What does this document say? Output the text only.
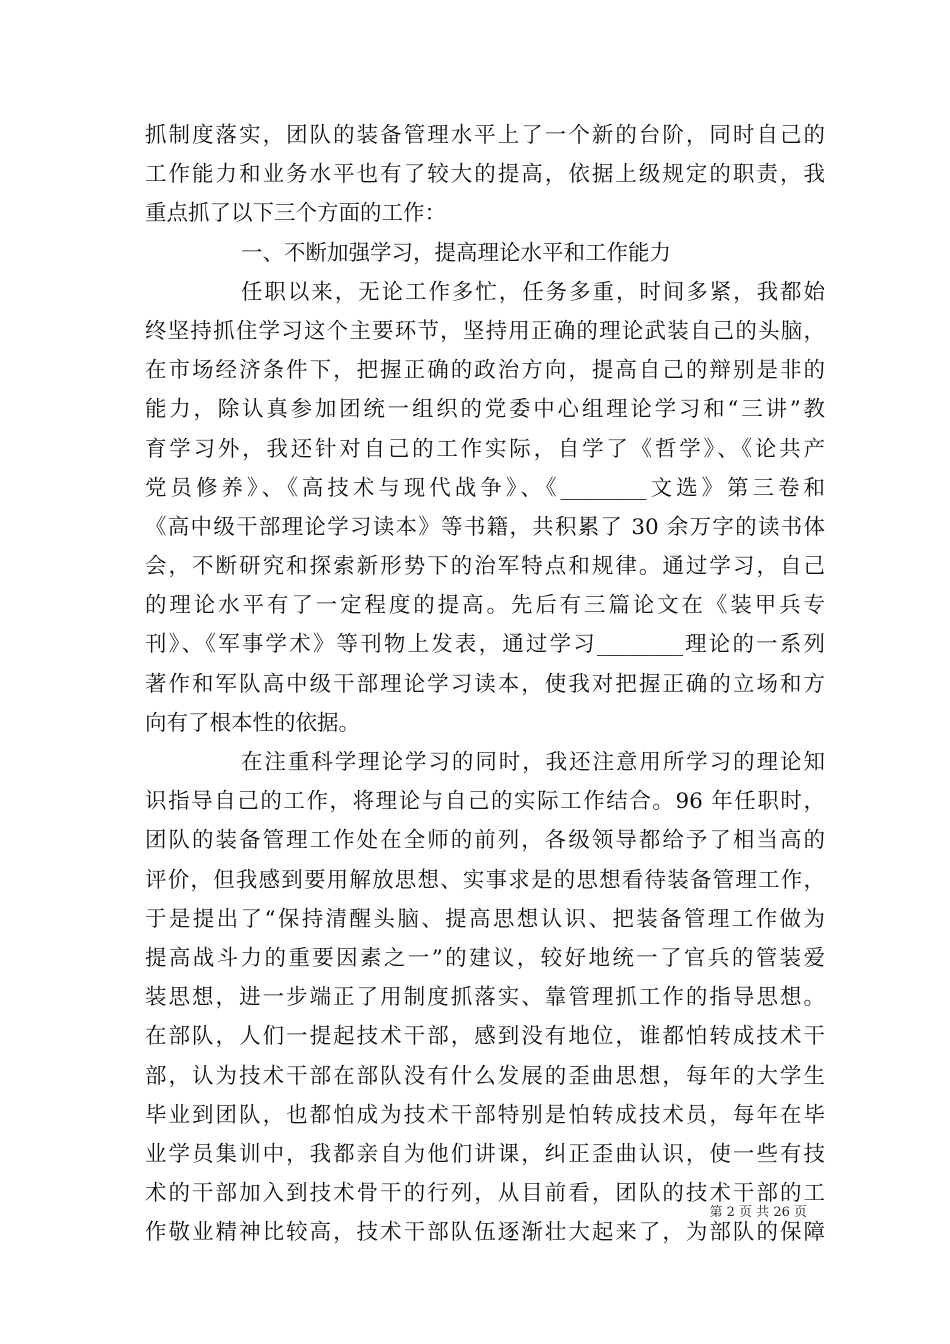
抓制度落实，团队的装备管理水平上了一个新的台阶，同时自己的
工作能力和业务水平也有了较大的提高，依据上级规定的职责，我
重点抓了以下三个方面的工作：
一、不断加强学习，提高理论水平和工作能力
任职以来，无论工作多忙，任务多重，时间多紧，我都始
终坚持抓住学习这个主要环节，坚持用正确的理论武装自己的头脑，
在市场经济条件下，把握正确的政治方向，提高自己的辩别是非的
能力，除认真参加团统一组织的党委中心组理论学习和“三讲”教
育学习外，我还针对自己的工作实际，自学了《哲学》、《论共产
党员修养》、《高技术与现代战争》、《________文选》第三卷和
《高中级干部理论学习读本》等书籍，共积累了 30 余万字的读书体
会，不断研究和探索新形势下的治军特点和规律。通过学习，自己
的理论水平有了一定程度的提高。先后有三篇论文在《装甲兵专
刊》、《军事学术》等刊物上发表，通过学习________理论的一系列
著作和军队高中级干部理论学习读本，使我对把握正确的立场和方
向有了根本性的依据。
在注重科学理论学习的同时，我还注意用所学习的理论知
识指导自己的工作，将理论与自己的实际工作结合。96 年任职时，
团队的装备管理工作处在全师的前列，各级领导都给予了相当高的
评价，但我感到要用解放思想、实事求是的思想看待装备管理工作，
于是提出了“保持清醒头脑、提高思想认识、把装备管理工作做为
提高战斗力的重要因素之一”的建议，较好地统一了官兵的管装爱
装思想，进一步端正了用制度抓落实、靠管理抓工作的指导思想。
在部队，人们一提起技术干部，感到没有地位，谁都怕转成技术干
部，认为技术干部在部队没有什么发展的歪曲思想，每年的大学生
毕业到团队，也都怕成为技术干部特别是怕转成技术员，每年在毕
业学员集训中，我都亲自为他们讲课，纠正歪曲认识，使一些有技
术的干部加入到技术骨干的行列，从目前看，团队的技术干部的工
作敬业精神比较高，技术干部队伍逐渐壮大起来了，为部队的保障
第 2 页 共 26 页
